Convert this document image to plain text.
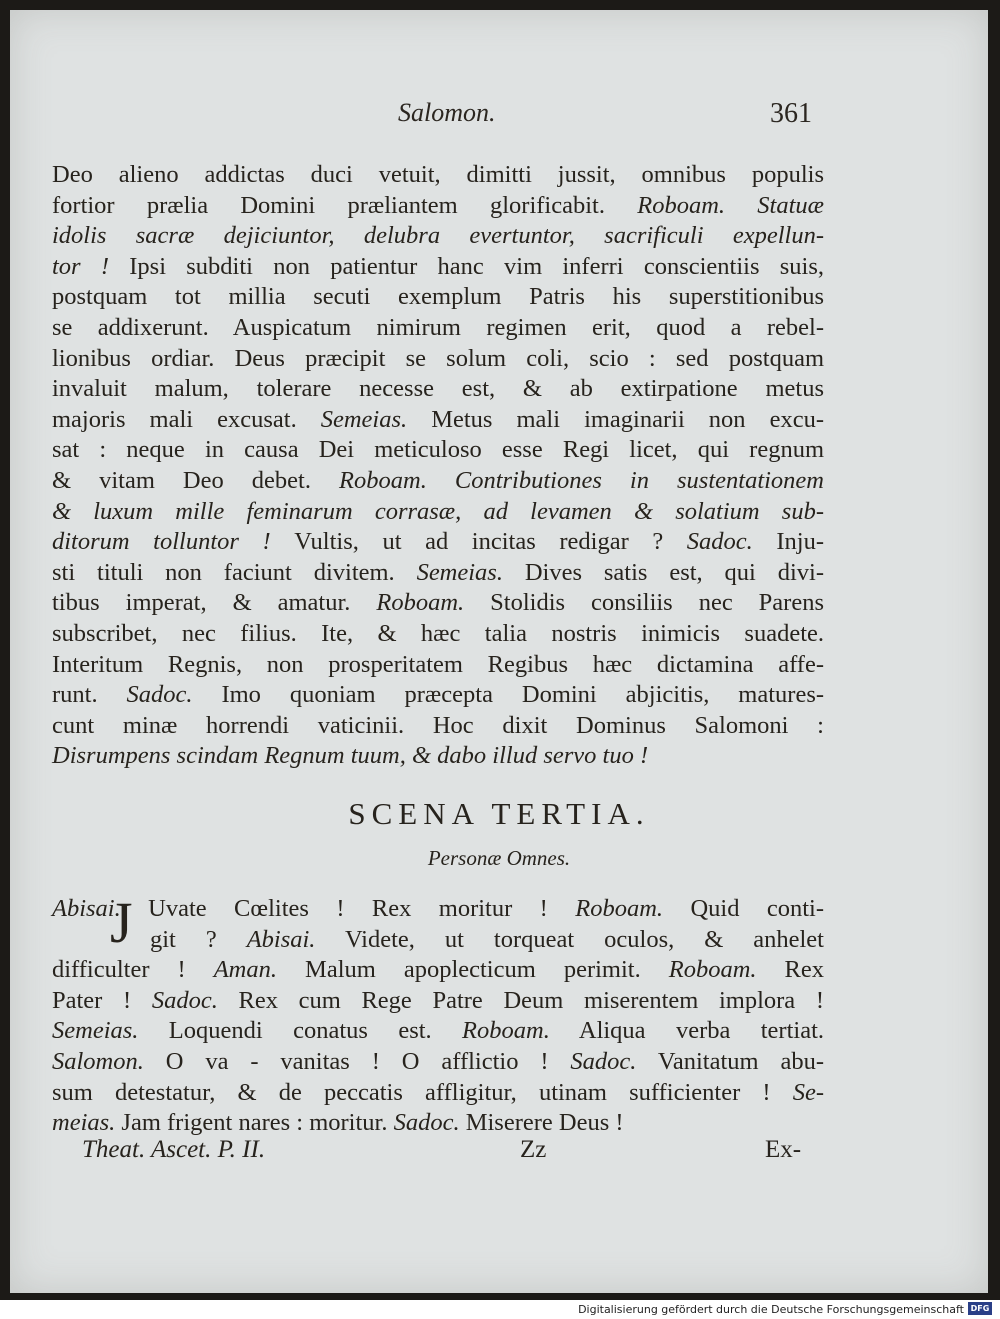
Salomon.	361
Deo alieno addictas duci vetuit, dimitti jussit, omnibus populis
fortior prælia Domini præliantem glorificabit. Roboam. Statuæ
idolis sacræ dejiciuntor, delubra evertuntor, sacrificuli expellun-
tor ! Ipsi subditi non patientur hanc vim inferri conscientiis suis,
postquam tot millia secuti exemplum Patris his superstitionibus
se addixerunt. Auspicatum nimirum regimen erit, quod a rebel-
lionibus ordiar. Deus præcipit se solum coli, scio : sed postquam
invaluit malum, tolerare necesse est, & ab extirpatione metus
majoris mali excusat. Semeias. Metus mali imaginarii non excu-
sat : neque in causa Dei meticuloso esse Regi licet, qui regnum
& vitam Deo debet. Roboam. Contributiones in sustentationem
& luxum mille feminarum corrasæ, ad levamen & solatium sub-
ditorum tolluntor ! Vultis, ut ad incitas redigar ? Sadoc. Inju-
sti tituli non faciunt divitem. Semeias. Dives satis est, qui divi-
tibus imperat, & amatur. Roboam. Stolidis consiliis nec Parens
subscribet, nec filius. Ite, & hæc talia nostris inimicis suadete.
Interitum Regnis, non prosperitatem Regibus hæc dictamina affe-
runt. Sadoc. Imo quoniam præcepta Domini abjicitis, matures-
cunt minæ horrendi vaticinii. Hoc dixit Dominus Salomoni :
Disrumpens scindam Regnum tuum, & dabo illud servo tuo !
SCENA TERTIA.
Personæ Omnes.
J
Abisai. Uvate Cœlites ! Rex moritur ! Roboam. Quid conti-
git ? Abisai. Videte, ut torqueat oculos, & anhelet
difficulter ! Aman. Malum apoplecticum perimit. Roboam. Rex
Pater ! Sadoc. Rex cum Rege Patre Deum miserentem implora !
Semeias. Loquendi conatus est. Roboam. Aliqua verba tertiat.
Salomon. O va - vanitas ! O afflictio ! Sadoc. Vanitatum abu-
sum detestatur, & de peccatis affligitur, utinam sufficienter ! Se-
meias. Jam frigent nares : moritur. Sadoc. Miserere Deus !
Theat. Ascet. P. II.	Zz	Ex-
Digitalisierung gefördert durch die Deutsche Forschungsgemeinschaft DFG
